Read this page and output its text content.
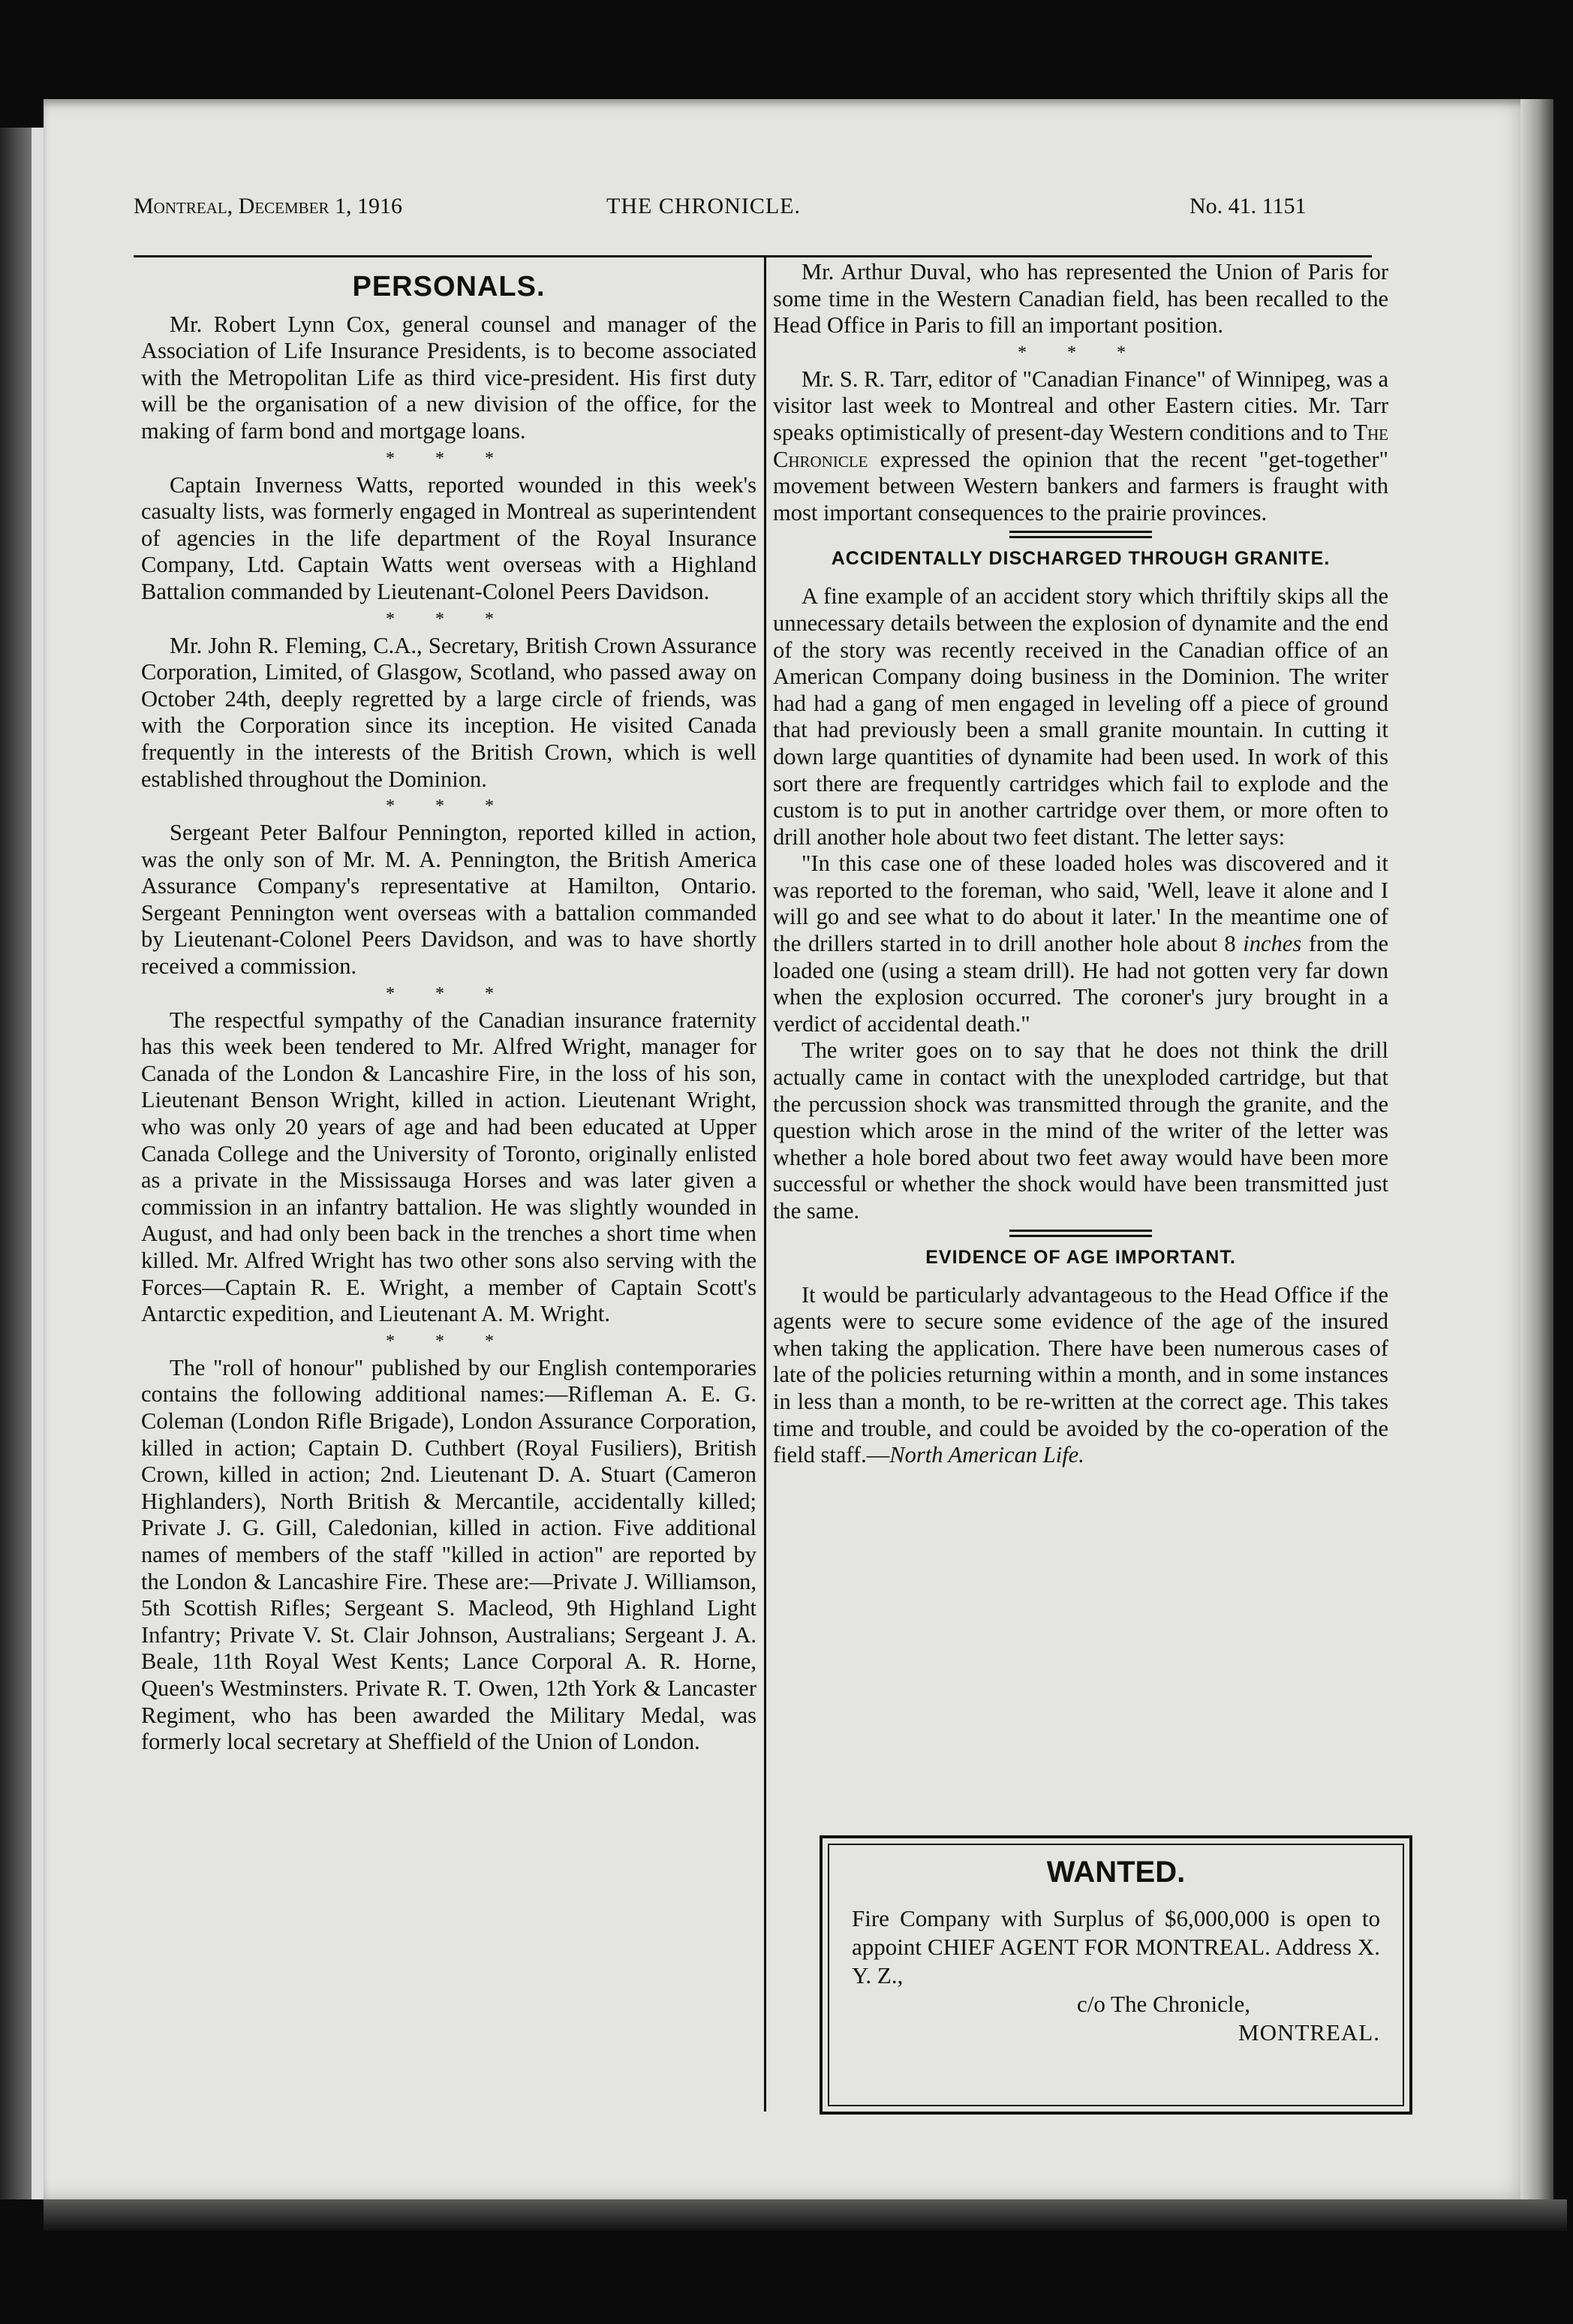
Montreal, December 1, 1916	THE CHRONICLE.	No. 41. 1151
PERSONALS.

Mr. Robert Lynn Cox, general counsel and manager of the Association of Life Insurance Presidents, is to become associated with the Metropolitan Life as third vice-president. His first duty will be the organisation of a new division of the office, for the making of farm bond and mortgage loans.

* * *

Captain Inverness Watts, reported wounded in this week's casualty lists, was formerly engaged in Montreal as superintendent of agencies in the life department of the Royal Insurance Company, Ltd. Captain Watts went overseas with a Highland Battalion commanded by Lieutenant-Colonel Peers Davidson.

* * *

Mr. John R. Fleming, C.A., Secretary, British Crown Assurance Corporation, Limited, of Glasgow, Scotland, who passed away on October 24th, deeply regretted by a large circle of friends, was with the Corporation since its inception. He visited Canada frequently in the interests of the British Crown, which is well established throughout the Dominion.

* * *

Sergeant Peter Balfour Pennington, reported killed in action, was the only son of Mr. M. A. Pennington, the British America Assurance Company's representative at Hamilton, Ontario. Sergeant Pennington went overseas with a battalion commanded by Lieutenant-Colonel Peers Davidson, and was to have shortly received a commission.

* * *

The respectful sympathy of the Canadian insurance fraternity has this week been tendered to Mr. Alfred Wright, manager for Canada of the London & Lancashire Fire, in the loss of his son, Lieutenant Benson Wright, killed in action. Lieutenant Wright, who was only 20 years of age and had been educated at Upper Canada College and the University of Toronto, originally enlisted as a private in the Mississauga Horses and was later given a commission in an infantry battalion. He was slightly wounded in August, and had only been back in the trenches a short time when killed. Mr. Alfred Wright has two other sons also serving with the Forces—Captain R. E. Wright, a member of Captain Scott's Antarctic expedition, and Lieutenant A. M. Wright.

* * *

The "roll of honour" published by our English contemporaries contains the following additional names:—Rifleman A. E. G. Coleman (London Rifle Brigade), London Assurance Corporation, killed in action; Captain D. Cuthbert (Royal Fusiliers), British Crown, killed in action; 2nd. Lieutenant D. A. Stuart (Cameron Highlanders), North British & Mercantile, accidentally killed; Private J. G. Gill, Caledonian, killed in action. Five additional names of members of the staff "killed in action" are reported by the London & Lancashire Fire. These are:—Private J. Williamson, 5th Scottish Rifles; Sergeant S. Macleod, 9th Highland Light Infantry; Private V. St. Clair Johnson, Australians; Sergeant J. A. Beale, 11th Royal West Kents; Lance Corporal A. R. Horne, Queen's Westminsters. Private R. T. Owen, 12th York & Lancaster Regiment, who has been awarded the Military Medal, was formerly local secretary at Sheffield of the Union of London.

Mr. Arthur Duval, who has represented the Union of Paris for some time in the Western Canadian field, has been recalled to the Head Office in Paris to fill an important position.

* * *

Mr. S. R. Tarr, editor of "Canadian Finance" of Winnipeg, was a visitor last week to Montreal and other Eastern cities. Mr. Tarr speaks optimistically of present-day Western conditions and to The Chronicle expressed the opinion that the recent "get-together" movement between Western bankers and farmers is fraught with most important consequences to the prairie provinces.

ACCIDENTALLY DISCHARGED THROUGH GRANITE.

A fine example of an accident story which thriftily skips all the unnecessary details between the explosion of dynamite and the end of the story was recently received in the Canadian office of an American Company doing business in the Dominion. The writer had had a gang of men engaged in leveling off a piece of ground that had previously been a small granite mountain. In cutting it down large quantities of dynamite had been used. In work of this sort there are frequently cartridges which fail to explode and the custom is to put in another cartridge over them, or more often to drill another hole about two feet distant. The letter says:

"In this case one of these loaded holes was discovered and it was reported to the foreman, who said, 'Well, leave it alone and I will go and see what to do about it later.' In the meantime one of the drillers started in to drill another hole about 8 inches from the loaded one (using a steam drill). He had not gotten very far down when the explosion occurred. The coroner's jury brought in a verdict of accidental death."

The writer goes on to say that he does not think the drill actually came in contact with the unexploded cartridge, but that the percussion shock was transmitted through the granite, and the question which arose in the mind of the writer of the letter was whether a hole bored about two feet away would have been more successful or whether the shock would have been transmitted just the same.

EVIDENCE OF AGE IMPORTANT.

It would be particularly advantageous to the Head Office if the agents were to secure some evidence of the age of the insured when taking the application. There have been numerous cases of late of the policies returning within a month, and in some instances in less than a month, to be re-written at the correct age. This takes time and trouble, and could be avoided by the co-operation of the field staff.—North American Life.

WANTED.
Fire Company with Surplus of $6,000,000 is open to appoint CHIEF AGENT FOR MONTREAL. Address X. Y. Z.,
c/o The Chronicle,
MONTREAL.
